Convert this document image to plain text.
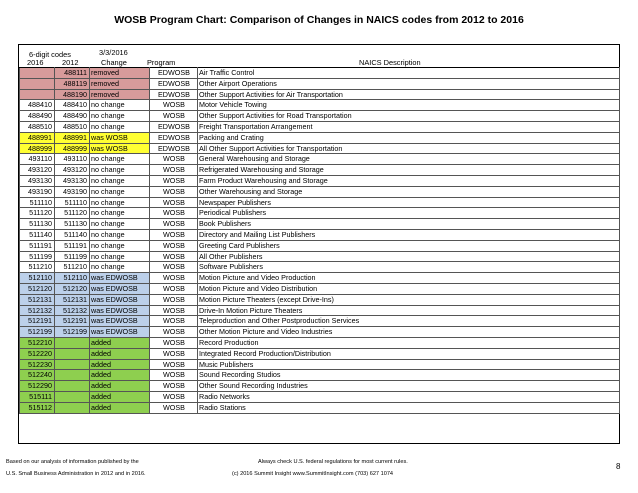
WOSB Program Chart: Comparison of Changes in NAICS codes from 2012 to 2016
6-digit codes	3/3/2016
2016	2012	Change	Program	NAICS Description
	488111	removed	EDWOSB	Air Traffic Control
	488119	removed	EDWOSB	Other Airport Operations
	488190	removed	EDWOSB	Other Support Activities for Air Transportation
488410	488410	no change	WOSB	Motor Vehicle Towing
488490	488490	no change	WOSB	Other Support Activities for Road Transportation
488510	488510	no change	EDWOSB	Freight Transportation Arrangement
488991	488991	was WOSB	EDWOSB	Packing and Crating
488999	488999	was WOSB	EDWOSB	All Other Support Activities for Transportation
493110	493110	no change	WOSB	General Warehousing and Storage
493120	493120	no change	WOSB	Refrigerated Warehousing and Storage
493130	493130	no change	WOSB	Farm Product Warehousing and Storage
493190	493190	no change	WOSB	Other Warehousing and Storage
511110	511110	no change	WOSB	Newspaper Publishers
511120	511120	no change	WOSB	Periodical Publishers
511130	511130	no change	WOSB	Book Publishers
511140	511140	no change	WOSB	Directory and Mailing List Publishers
511191	511191	no change	WOSB	Greeting Card Publishers
511199	511199	no change	WOSB	All Other Publishers
511210	511210	no change	WOSB	Software Publishers
512110	512110	was EDWOSB	WOSB	Motion Picture and Video Production
512120	512120	was EDWOSB	WOSB	Motion Picture and Video Distribution
512131	512131	was EDWOSB	WOSB	Motion Picture Theaters (except Drive-Ins)
512132	512132	was EDWOSB	WOSB	Drive-In Motion Picture Theaters
512191	512191	was EDWOSB	WOSB	Teleproduction and Other Postproduction Services
512199	512199	was EDWOSB	WOSB	Other Motion Picture and Video Industries
512210		added	WOSB	Record Production
512220		added	WOSB	Integrated Record Production/Distribution
512230		added	WOSB	Music Publishers
512240		added	WOSB	Sound Recording Studios
512290		added	WOSB	Other Sound Recording Industries
515111		added	WOSB	Radio Networks
515112		added	WOSB	Radio Stations
Based on our analysis of information published by the
U.S. Small Business Administration in 2012 and in 2016.
Always check U.S. federal regulations for most current rules.
(c) 2016 Summit Insight www.SummitInsight.com (703) 627 1074
8
